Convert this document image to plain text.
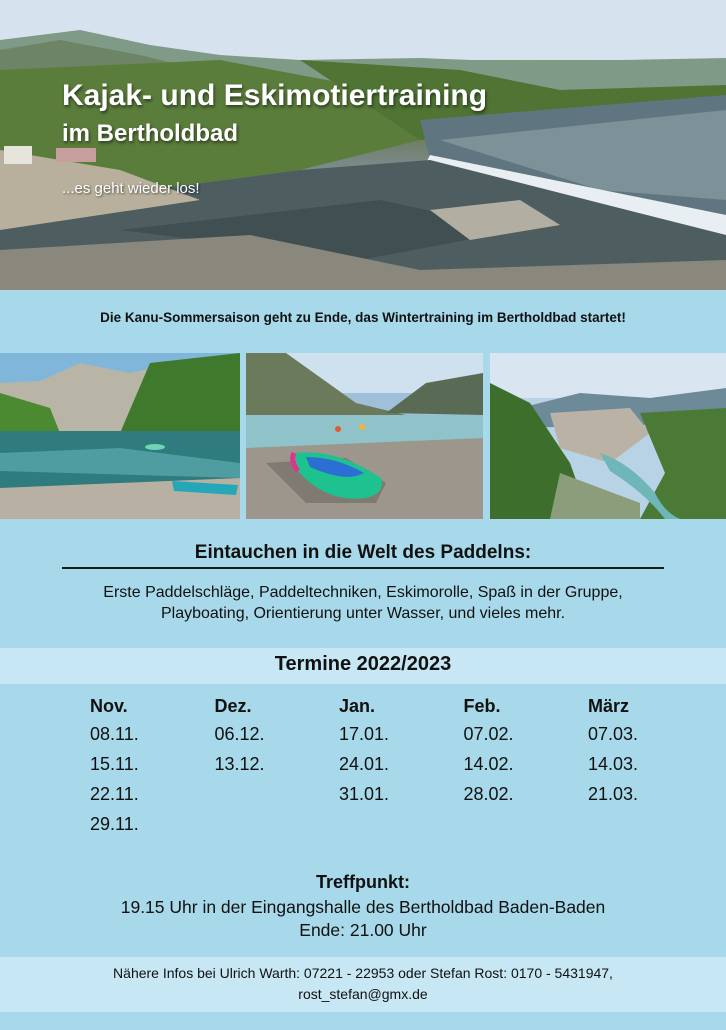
Kajak- und Eskimotiertraining
im Bertholdbad
...es geht wieder los!
Die Kanu-Sommersaison geht zu Ende, das Wintertraining im Bertholdbad startet!
Eintauchen in die Welt des Paddelns:
Erste Paddelschläge, Paddeltechniken, Eskimorolle, Spaß in der Gruppe,
Playboating, Orientierung unter Wasser, und vieles mehr.
Termine 2022/2023
Nov.
08.11.
15.11.
22.11.
29.11.
Dez.
06.12.
13.12.
Jan.
17.01.
24.01.
31.01.
Feb.
07.02.
14.02.
28.02.
März
07.03.
14.03.
21.03.
Treffpunkt:
19.15 Uhr in der Eingangshalle des Bertholdbad Baden-Baden
Ende: 21.00 Uhr
Nähere Infos bei Ulrich Warth: 07221 - 22953 oder Stefan Rost: 0170 - 5431947,
rost_stefan@gmx.de
